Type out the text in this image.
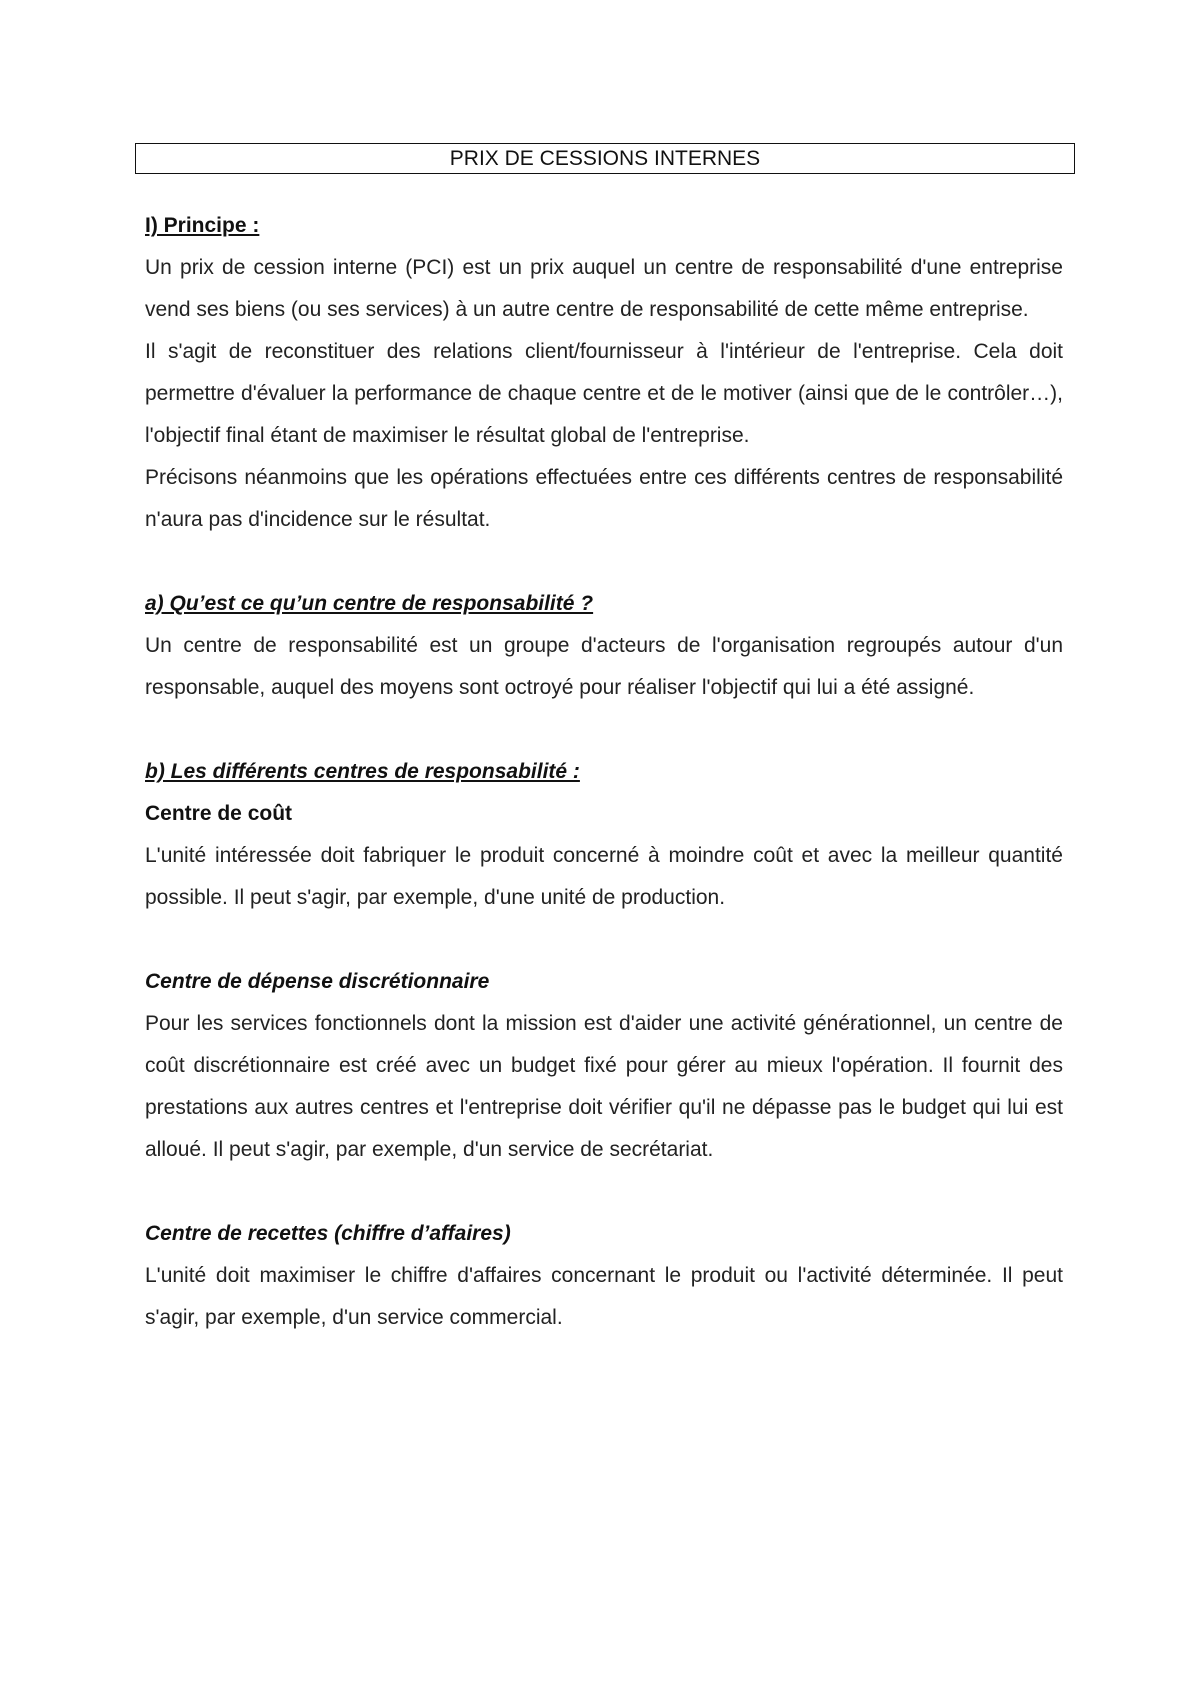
PRIX DE CESSIONS INTERNES
I) Principe :

Un prix de cession interne (PCI) est un prix auquel un centre de responsabilité d'une entreprise vend ses biens (ou ses services) à un autre centre de responsabilité de cette même entreprise.

Il s'agit de reconstituer des relations client/fournisseur à l'intérieur de l'entreprise. Cela doit permettre d'évaluer la performance de chaque centre et de le motiver (ainsi que de le contrôler…), l'objectif final étant de maximiser le résultat global de l'entreprise.

Précisons néanmoins que les opérations effectuées entre ces différents centres de responsabilité n'aura pas d'incidence sur le résultat.

a) Qu’est ce qu’un centre de responsabilité ?

Un centre de responsabilité est un groupe d'acteurs de l'organisation regroupés autour d'un responsable, auquel des moyens sont octroyé pour réaliser l'objectif qui lui a été assigné.

b) Les différents centres de responsabilité :
Centre de coût

L'unité intéressée doit fabriquer le produit concerné à moindre coût et avec la meilleur quantité possible. Il peut s'agir, par exemple, d'une unité de production.

Centre de dépense discrétionnaire

Pour les services fonctionnels dont la mission est d'aider une activité générationnel, un centre de coût discrétionnaire est créé avec un budget fixé pour gérer au mieux l'opération. Il fournit des prestations aux autres centres et l'entreprise doit vérifier qu'il ne dépasse pas le budget qui lui est alloué. Il peut s'agir, par exemple, d'un service de secrétariat.

Centre de recettes (chiffre d’affaires)

L'unité doit maximiser le chiffre d'affaires concernant le produit ou l'activité déterminée. Il peut s'agir, par exemple, d'un service commercial.
